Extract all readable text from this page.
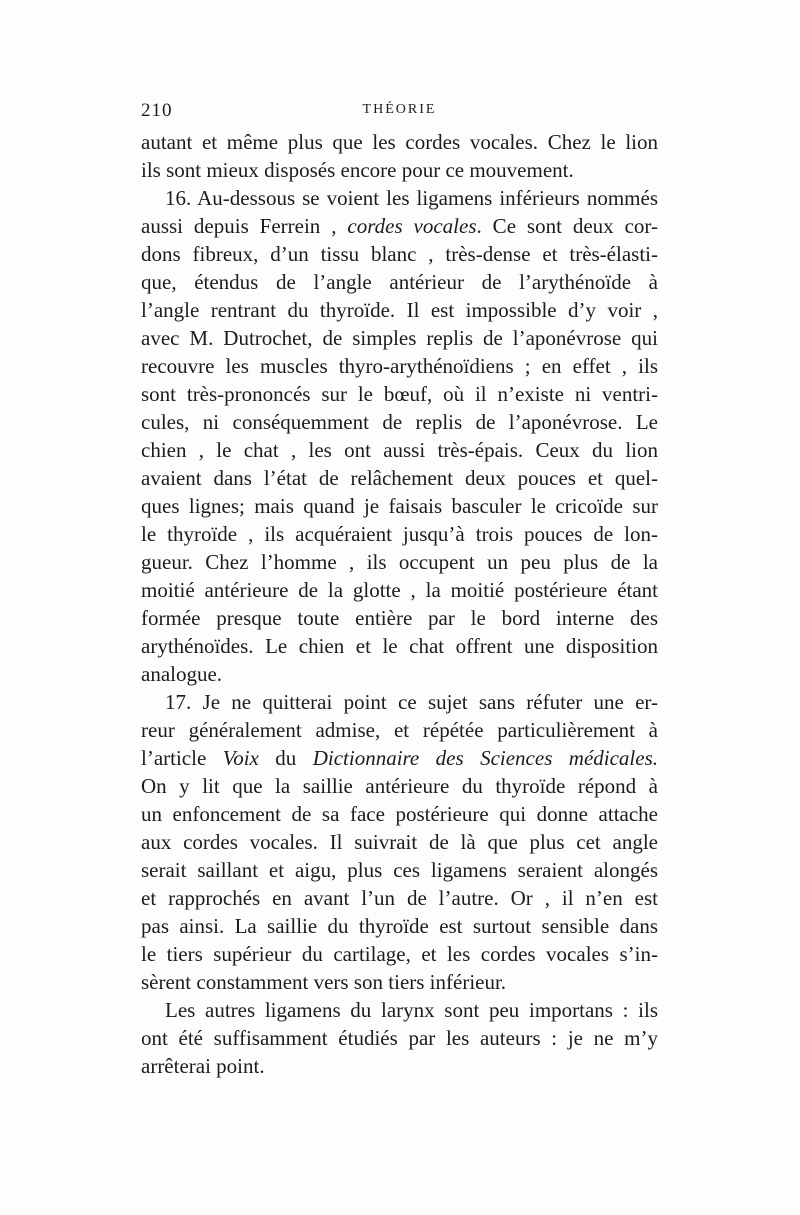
210	THÉORIE
autant et même plus que les cordes vocales. Chez le lion
ils sont mieux disposés encore pour ce mouvement.
16. Au-dessous se voient les ligamens inférieurs nommés
aussi depuis Ferrein , cordes vocales. Ce sont deux cor-
dons fibreux, d’un tissu blanc , très-dense et très-élasti-
que, étendus de l’angle antérieur de l’arythénoïde à
l’angle rentrant du thyroïde. Il est impossible d’y voir ,
avec M. Dutrochet, de simples replis de l’aponévrose qui
recouvre les muscles thyro-arythénoïdiens ; en effet , ils
sont très-prononcés sur le bœuf, où il n’existe ni ventri-
cules, ni conséquemment de replis de l’aponévrose. Le
chien , le chat , les ont aussi très-épais. Ceux du lion
avaient dans l’état de relâchement deux pouces et quel-
ques lignes; mais quand je faisais basculer le cricoïde sur
le thyroïde , ils acquéraient jusqu’à trois pouces de lon-
gueur. Chez l’homme , ils occupent un peu plus de la
moitié antérieure de la glotte , la moitié postérieure étant
formée presque toute entière par le bord interne des
arythénoïdes. Le chien et le chat offrent une disposition
analogue.
17. Je ne quitterai point ce sujet sans réfuter une er-
reur généralement admise, et répétée particulièrement à
l’article Voix du Dictionnaire des Sciences médicales.
On y lit que la saillie antérieure du thyroïde répond à
un enfoncement de sa face postérieure qui donne attache
aux cordes vocales. Il suivrait de là que plus cet angle
serait saillant et aigu, plus ces ligamens seraient alongés
et rapprochés en avant l’un de l’autre. Or , il n’en est
pas ainsi. La saillie du thyroïde est surtout sensible dans
le tiers supérieur du cartilage, et les cordes vocales s’in-
sèrent constamment vers son tiers inférieur.
Les autres ligamens du larynx sont peu importans : ils
ont été suffisamment étudiés par les auteurs : je ne m’y
arrêterai point.
